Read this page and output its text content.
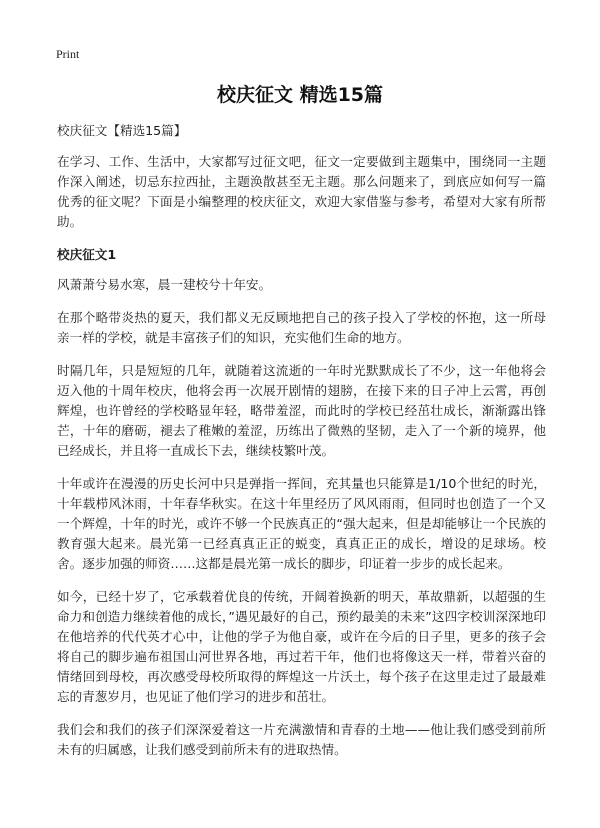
Print
校庆征文 精选15篇

校庆征文【精选15篇】

在学习、工作、生活中，大家都写过征文吧，征文一定要做到主题集中，围绕同一主题作深入阐述，切忌东拉西扯，主题涣散甚至无主题。那么问题来了，到底应如何写一篇优秀的征文呢？下面是小编整理的校庆征文，欢迎大家借鉴与参考，希望对大家有所帮助。

校庆征文1

风萧萧兮易水寒，晨一建校兮十年安。

在那个略带炎热的夏天，我们都义无反顾地把自己的孩子投入了学校的怀抱，这一所母亲一样的学校，就是丰富孩子们的知识，充实他们生命的地方。

时隔几年，只是短短的几年，就随着这流逝的一年时光默默成长了不少，这一年他将会迈入他的十周年校庆，他将会再一次展开剧情的翅膀，在接下来的日子冲上云霄，再创辉煌，也许曾经的学校略显年轻，略带羞涩，而此时的学校已经茁壮成长，渐渐露出锋芒，十年的磨砺，褪去了稚嫩的羞涩，历练出了微熟的坚韧，走入了一个新的境界，他已经成长，并且将一直成长下去，继续枝繁叶茂。

十年或许在漫漫的历史长河中只是弹指一挥间，充其量也只能算是1/10个世纪的时光，十年载栉风沐雨，十年春华秋实。在这十年里经历了风风雨雨，但同时也创造了一个又一个辉煌，十年的时光，或许不够一个民族真正的“强大起来，但是却能够让一个民族的教育强大起来。晨光第一已经真真正正的蜕变，真真正正的成长，增设的足球场。校舍。逐步加强的师资……这都是晨光第一成长的脚步，印证着一步步的成长起来。

如今，已经十岁了，它承载着优良的传统，开阔着换新的明天，革故鼎新，以超强的生命力和创造力继续着他的成长，”遇见最好的自己，预约最美的未来”这四字校训深深地印在他培养的代代英才心中，让他的学子为他自豪，或许在今后的日子里，更多的孩子会将自己的脚步遍布祖国山河世界各地，再过若干年，他们也将像这天一样，带着兴奋的情绪回到母校，再次感受母校所取得的辉煌这一片沃土，每个孩子在这里走过了最最难忘的青葱岁月，也见证了他们学习的进步和茁壮。

我们会和我们的孩子们深深爱着这一片充满激情和青春的土地——他让我们感受到前所未有的归属感，让我们感受到前所未有的进取热情。
